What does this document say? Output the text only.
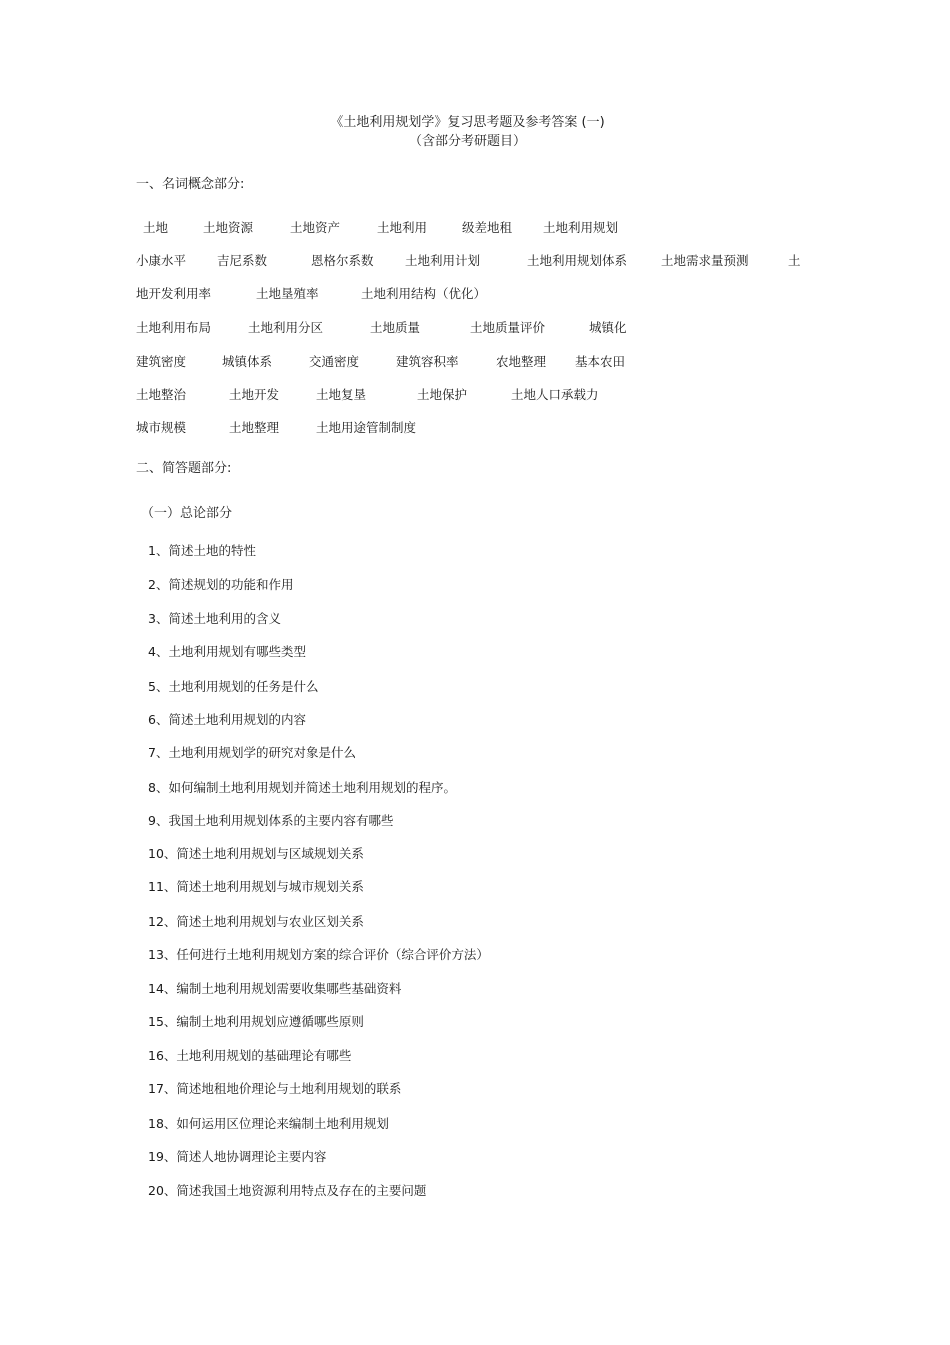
《土地利用规划学》复习思考题及参考答案 (一)
（含部分考研题目）
一、名词概念部分:
土地	土地资源	土地资产	土地利用	级差地租 土地利用规划
小康水平 吉尼系数	恩格尔系数	土地利用计划	土地利用规划体系	土地需求量预测	土
地开发利用率	土地垦殖率	土地利用结构（优化）
土地利用布局	土地利用分区	土地质量	土地质量评价	城镇化
建筑密度	城镇体系	交通密度	建筑容积率	农地整理 基本农田
土地整治	土地开发	土地复垦	土地保护	土地人口承载力
城市规模	土地整理	土地用途管制制度
二、简答题部分:
（一）总论部分
1、简述土地的特性
2、简述规划的功能和作用
3、简述土地利用的含义
4、土地利用规划有哪些类型
5、土地利用规划的任务是什么
6、简述土地利用规划的内容
7、土地利用规划学的研究对象是什么
8、如何编制土地利用规划并简述土地利用规划的程序。
9、我国土地利用规划体系的主要内容有哪些
10、简述土地利用规划与区域规划关系
11、简述土地利用规划与城市规划关系
12、简述土地利用规划与农业区划关系
13、任何进行土地利用规划方案的综合评价（综合评价方法）
14、编制土地利用规划需要收集哪些基础资料
15、编制土地利用规划应遵循哪些原则
16、土地利用规划的基础理论有哪些
17、简述地租地价理论与土地利用规划的联系
18、如何运用区位理论来编制土地利用规划
19、简述人地协调理论主要内容
20、简述我国土地资源利用特点及存在的主要问题
